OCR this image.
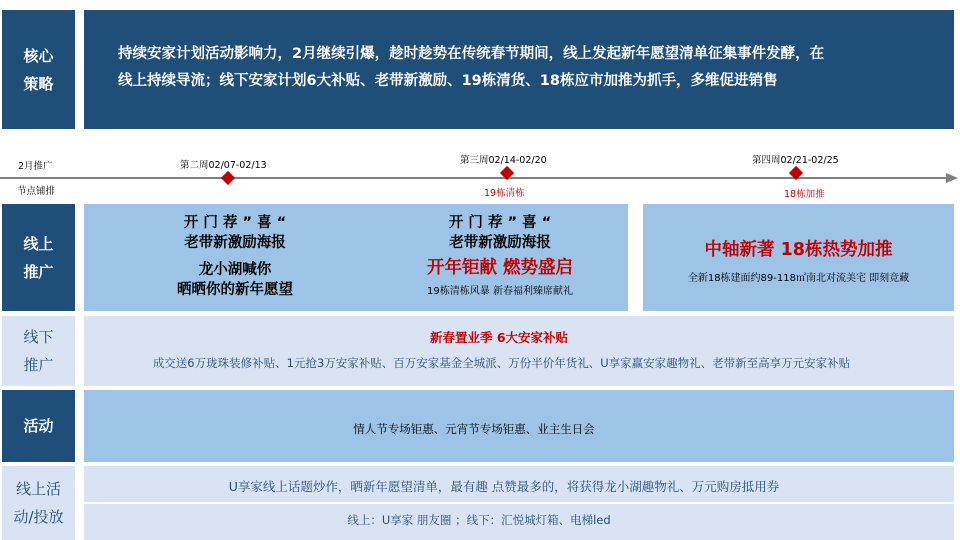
核心
策略
持续安家计划活动影响力，2月继续引爆，趁时趁势在传统春节期间，线上发起新年愿望清单征集事件发酵，在
线上持续导流；线下安家计划6大补贴、老带新激励、19栋清货、18栋应市加推为抓手，多维促进销售
2月推广
节点铺排
第二周02/07-02/13	第三周02/14-02/20
19栋清栋
第四周02/21-02/25
18栋加推
线上
推广
开 门 荐 ” 喜 “
老带新激励海报
龙小湖喊你
晒晒你的新年愿望
开 门 荐 ” 喜 “
老带新激励海报
开年钜献 燃势盛启
19栋清栋风暴 新春福利臻席献礼
中轴新著 18栋热势加推
全新18栋建面约89-118㎡南北对流美宅 即刻竞藏
线下
推广
新春置业季 6大安家补贴
成交送6万珑珠装修补贴、1元抢3万安家补贴、百万安家基金全城派、万份半价年货礼、U享家赢安家趣物礼、老带新至高享万元安家补贴
活动	情人节专场钜惠、元宵节专场钜惠、业主生日会
线上活
动/投放
U享家线上话题炒作，晒新年愿望清单，最有趣 点赞最多的，将获得龙小湖趣物礼、万元购房抵用券
线上：U享家 朋友圈 ；线下：汇悦城灯箱、电梯led
